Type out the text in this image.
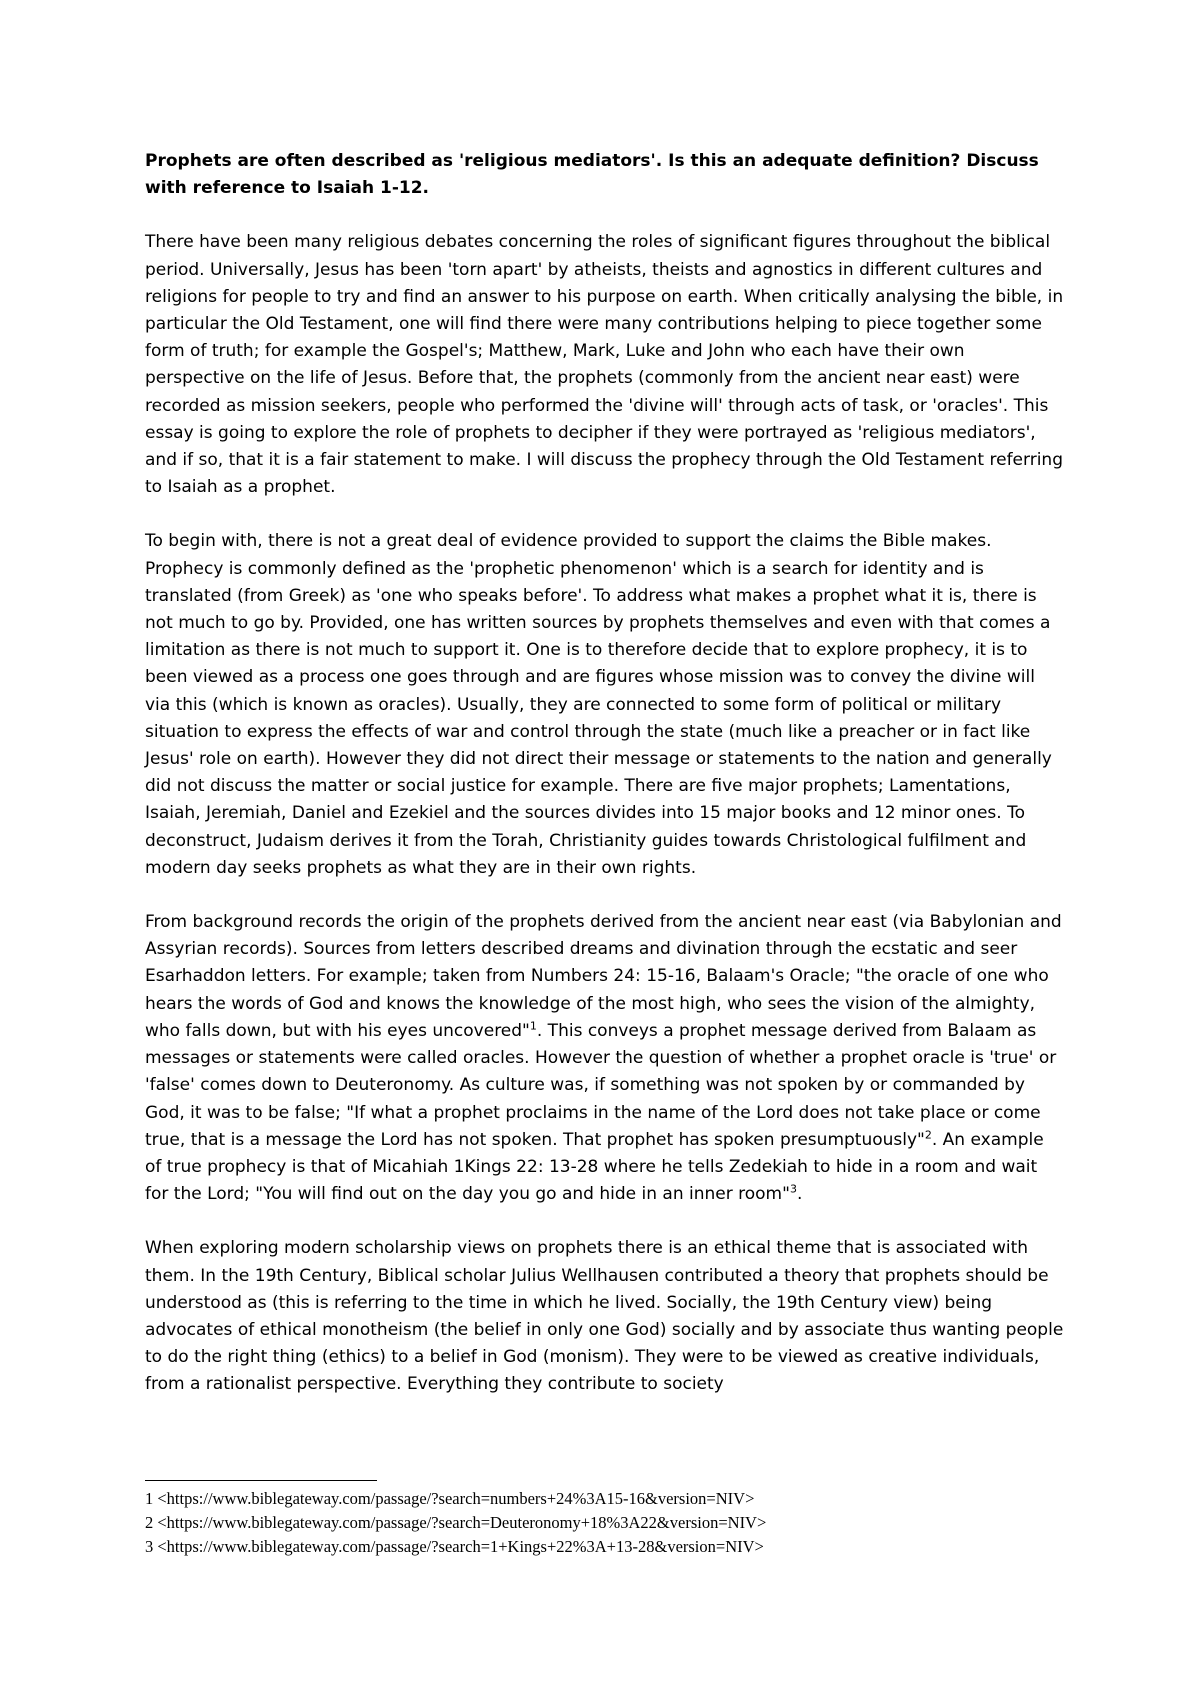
Prophets are often described as 'religious mediators'. Is this an adequate definition? Discuss with reference to Isaiah 1-12.

There have been many religious debates concerning the roles of significant figures throughout the biblical period. Universally, Jesus has been 'torn apart' by atheists, theists and agnostics in different cultures and religions for people to try and find an answer to his purpose on earth. When critically analysing the bible, in particular the Old Testament, one will find there were many contributions helping to piece together some form of truth; for example the Gospel's; Matthew, Mark, Luke and John who each have their own perspective on the life of Jesus. Before that, the prophets (commonly from the ancient near east) were recorded as mission seekers, people who performed the 'divine will' through acts of task, or 'oracles'. This essay is going to explore the role of prophets to decipher if they were portrayed as 'religious mediators', and if so, that it is a fair statement to make. I will discuss the prophecy through the Old Testament referring to Isaiah as a prophet.

To begin with, there is not a great deal of evidence provided to support the claims the Bible makes. Prophecy is commonly defined as the 'prophetic phenomenon' which is a search for identity and is translated (from Greek) as 'one who speaks before'. To address what makes a prophet what it is, there is not much to go by. Provided, one has written sources by prophets themselves and even with that comes a limitation as there is not much to support it. One is to therefore decide that to explore prophecy, it is to been viewed as a process one goes through and are figures whose mission was to convey the divine will via this (which is known as oracles). Usually, they are connected to some form of political or military situation to express the effects of war and control through the state (much like a preacher or in fact like Jesus' role on earth). However they did not direct their message or statements to the nation and generally did not discuss the matter or social justice for example. There are five major prophets; Lamentations, Isaiah, Jeremiah, Daniel and Ezekiel and the sources divides into 15 major books and 12 minor ones. To deconstruct, Judaism derives it from the Torah, Christianity guides towards Christological fulfilment and modern day seeks prophets as what they are in their own rights.

From background records the origin of the prophets derived from the ancient near east (via Babylonian and Assyrian records). Sources from letters described dreams and divination through the ecstatic and seer Esarhaddon letters. For example; taken from Numbers 24: 15-16, Balaam's Oracle; "the oracle of one who hears the words of God and knows the knowledge of the most high, who sees the vision of the almighty, who falls down, but with his eyes uncovered"$^1$. This conveys a prophet message derived from Balaam as messages or statements were called oracles. However the question of whether a prophet oracle is 'true' or 'false' comes down to Deuteronomy. As culture was, if something was not spoken by or commanded by God, it was to be false; "If what a prophet proclaims in the name of the Lord does not take place or come true, that is a message the Lord has not spoken. That prophet has spoken presumptuously"$^2$. An example of true prophecy is that of Micahiah 1Kings 22: 13-28 where he tells Zedekiah to hide in a room and wait for the Lord; "You will find out on the day you go and hide in an inner room"$^3$.

When exploring modern scholarship views on prophets there is an ethical theme that is associated with them. In the 19th Century, Biblical scholar Julius Wellhausen contributed a theory that prophets should be understood as (this is referring to the time in which he lived. Socially, the 19th Century view) being advocates of ethical monotheism (the belief in only one God) socially and by associate thus wanting people to do the right thing (ethics) to a belief in God (monism). They were to be viewed as creative individuals, from a rationalist perspective. Everything they contribute to society

1 <https://www.biblegateway.com/passage/?search=numbers+24%3A15-16&version=NIV>
2 <https://www.biblegateway.com/passage/?search=Deuteronomy+18%3A22&version=NIV>
3 <https://www.biblegateway.com/passage/?search=1+Kings+22%3A+13-28&version=NIV>
